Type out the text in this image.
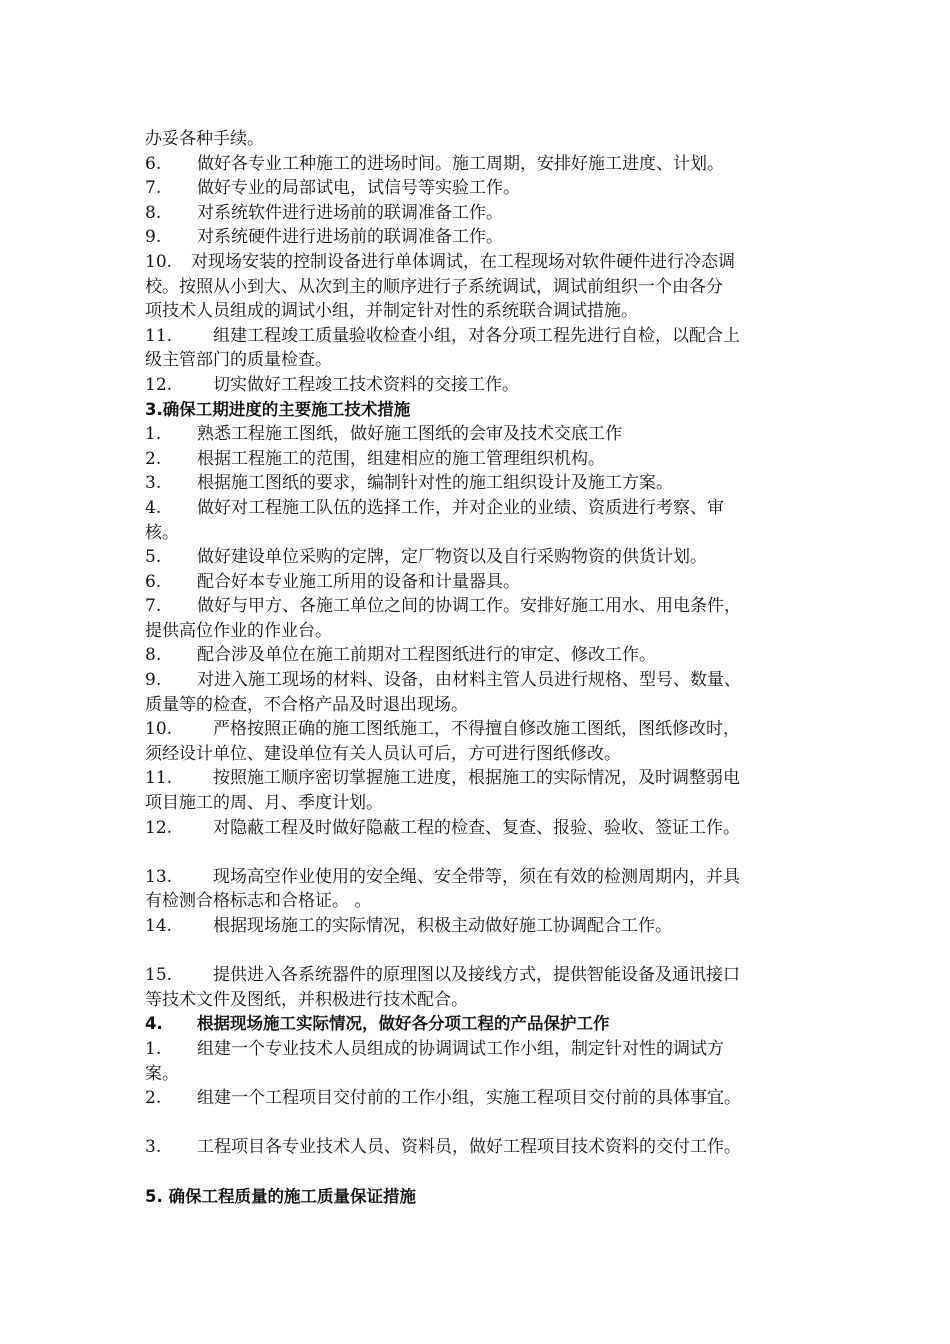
办妥各种手续。
6. 做好各专业工种施工的进场时间。施工周期，安排好施工进度、计划。
7. 做好专业的局部试电，试信号等实验工作。
8. 对系统软件进行进场前的联调准备工作。
9. 对系统硬件进行进场前的联调准备工作。
10. 对现场安装的控制设备进行单体调试，在工程现场对软件硬件进行冷态调
校。按照从小到大、从次到主的顺序进行子系统调试，调试前组织一个由各分
项技术人员组成的调试小组，并制定针对性的系统联合调试措施。
11. 组建工程竣工质量验收检查小组，对各分项工程先进行自检，以配合上
级主管部门的质量检查。
12. 切实做好工程竣工技术资料的交接工作。
3.确保工期进度的主要施工技术措施
1. 熟悉工程施工图纸，做好施工图纸的会审及技术交底工作
2. 根据工程施工的范围，组建相应的施工管理组织机构。
3. 根据施工图纸的要求，编制针对性的施工组织设计及施工方案。
4. 做好对工程施工队伍的选择工作，并对企业的业绩、资质进行考察、审
核。
5. 做好建设单位采购的定牌，定厂物资以及自行采购物资的供货计划。
6. 配合好本专业施工所用的设备和计量器具。
7. 做好与甲方、各施工单位之间的协调工作。安排好施工用水、用电条件，
提供高位作业的作业台。
8. 配合涉及单位在施工前期对工程图纸进行的审定、修改工作。
9. 对进入施工现场的材料、设备，由材料主管人员进行规格、型号、数量、
质量等的检查，不合格产品及时退出现场。
10. 严格按照正确的施工图纸施工，不得擅自修改施工图纸，图纸修改时，
须经设计单位、建设单位有关人员认可后，方可进行图纸修改。
11. 按照施工顺序密切掌握施工进度，根据施工的实际情况，及时调整弱电
项目施工的周、月、季度计划。
12. 对隐蔽工程及时做好隐蔽工程的检查、复查、报验、验收、签证工作。
13. 现场高空作业使用的安全绳、安全带等，须在有效的检测周期内，并具
有检测合格标志和合格证。 。
14. 根据现场施工的实际情况，积极主动做好施工协调配合工作。
15. 提供进入各系统器件的原理图以及接线方式，提供智能设备及通讯接口
等技术文件及图纸，并积极进行技术配合。
4. 根据现场施工实际情况，做好各分项工程的产品保护工作
1. 组建一个专业技术人员组成的协调调试工作小组，制定针对性的调试方
案。
2. 组建一个工程项目交付前的工作小组，实施工程项目交付前的具体事宜。
3. 工程项目各专业技术人员、资料员，做好工程项目技术资料的交付工作。
5. 确保工程质量的施工质量保证措施
